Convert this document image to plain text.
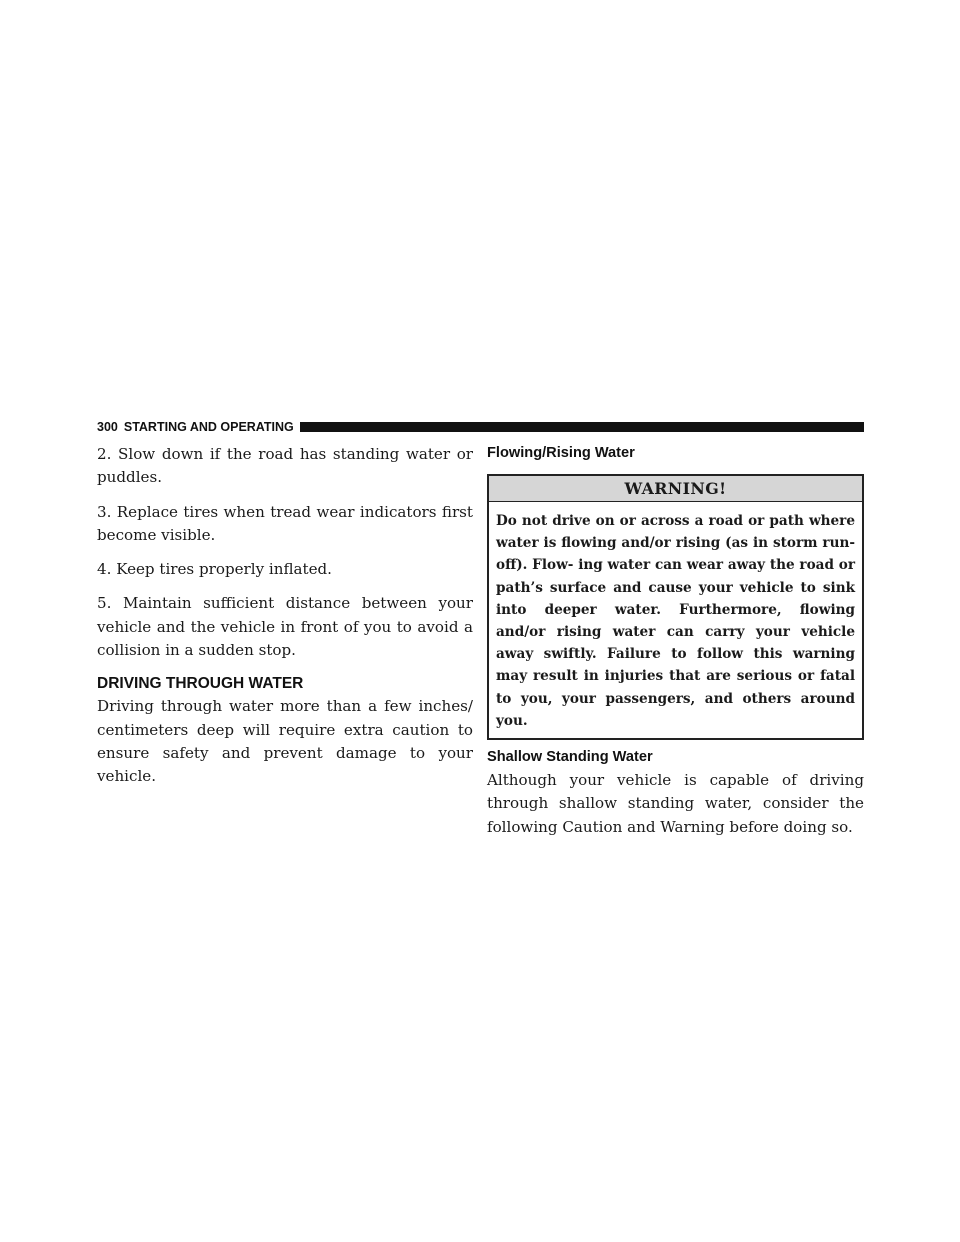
300 STARTING AND OPERATING

2. Slow down if the road has standing water or puddles.

3. Replace tires when tread wear indicators first become visible.

4. Keep tires properly inflated.

5. Maintain sufficient distance between your vehicle and the vehicle in front of you to avoid a collision in a sudden stop.

DRIVING THROUGH WATER

Driving through water more than a few inches/ centimeters deep will require extra caution to ensure safety and prevent damage to your vehicle.

Flowing/Rising Water
WARNING!
Do not drive on or across a road or path where water is flowing and/or rising (as in storm run-off). Flow- ing water can wear away the road or path’s surface and cause your vehicle to sink into deeper water. Furthermore, flowing and/or rising water can carry your vehicle away swiftly. Failure to follow this warning may result in injuries that are serious or fatal to you, your passengers, and others around you.
Shallow Standing Water

Although your vehicle is capable of driving through shallow standing water, consider the following Caution and Warning before doing so.
